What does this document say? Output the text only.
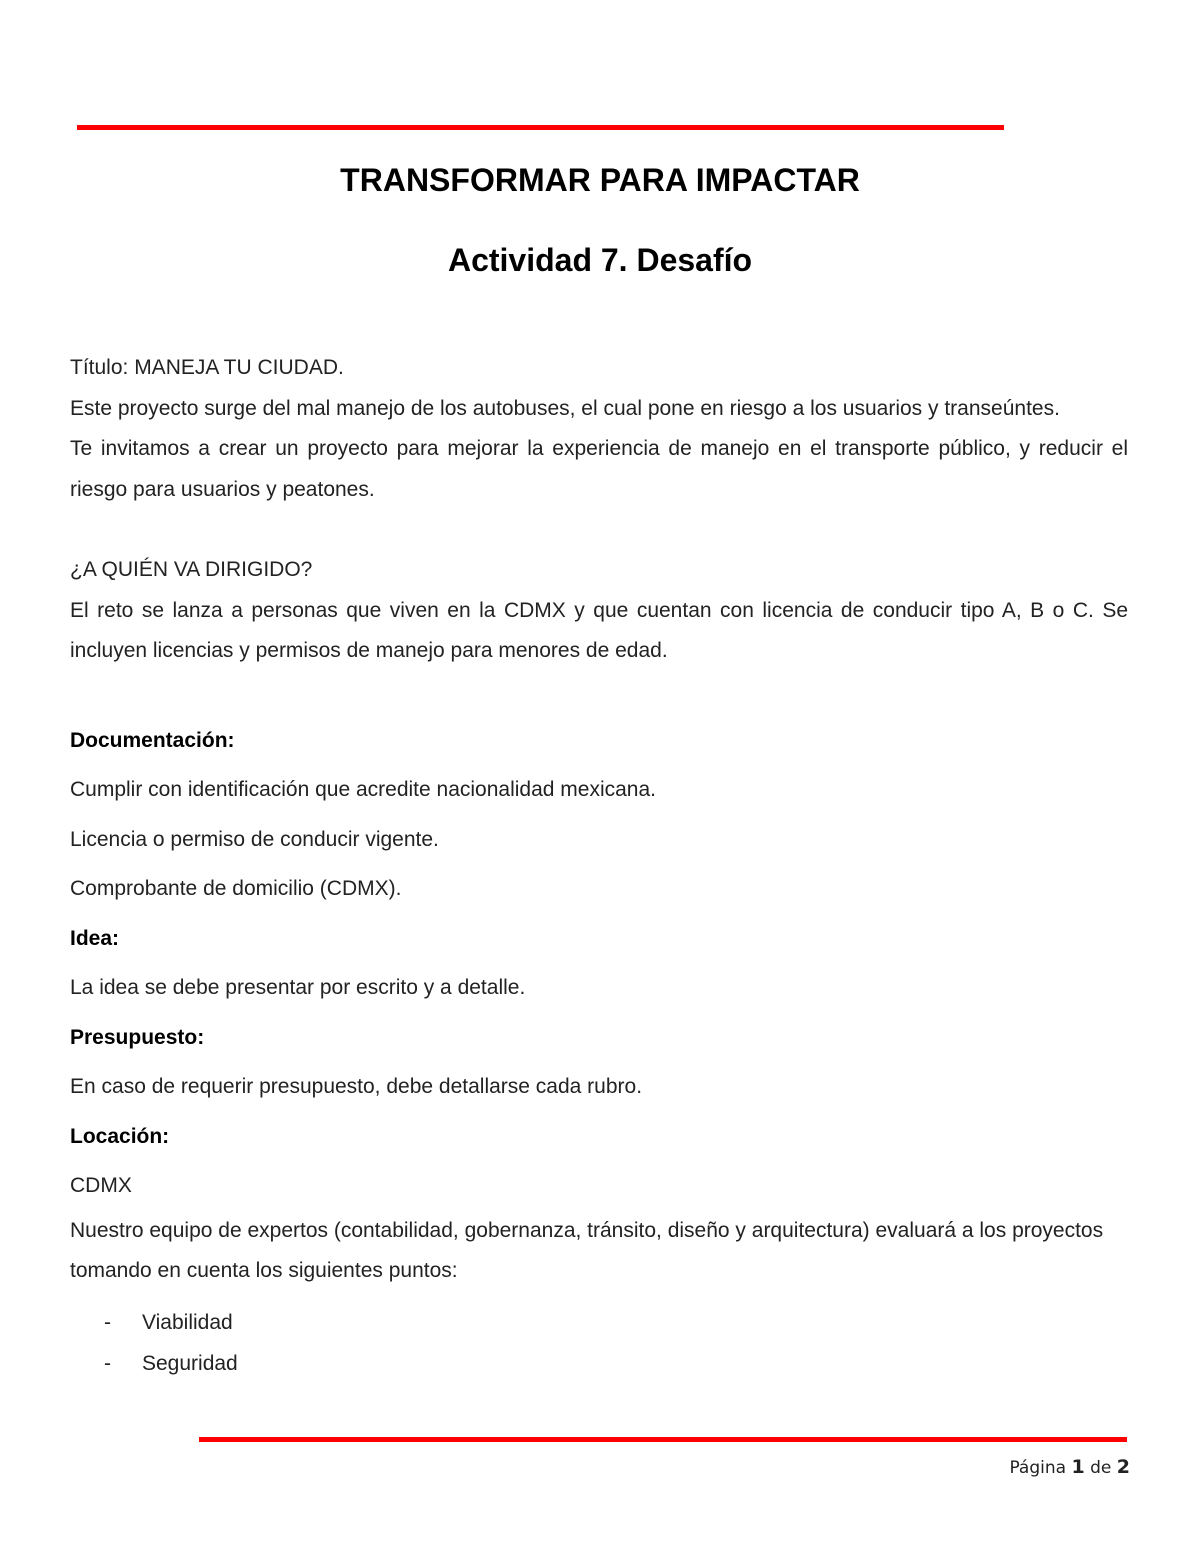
TRANSFORMAR PARA IMPACTAR
Actividad 7. Desafío

Título: MANEJA TU CIUDAD.

Este proyecto surge del mal manejo de los autobuses, el cual pone en riesgo a los usuarios y transeúntes.

Te invitamos a crear un proyecto para mejorar la experiencia de manejo en el transporte público, y reducir el riesgo para usuarios y peatones.

¿A QUIÉN VA DIRIGIDO?

El reto se lanza a personas que viven en la CDMX y que cuentan con licencia de conducir tipo A, B o C. Se incluyen licencias y permisos de manejo para menores de edad.

Documentación:

Cumplir con identificación que acredite nacionalidad mexicana.

Licencia o permiso de conducir vigente.

Comprobante de domicilio (CDMX).

Idea:

La idea se debe presentar por escrito y a detalle.

Presupuesto:

En caso de requerir presupuesto, debe detallarse cada rubro.

Locación:

CDMX

Nuestro equipo de expertos (contabilidad, gobernanza, tránsito, diseño y arquitectura) evaluará a los proyectos tomando en cuenta los siguientes puntos:

-	Viabilidad
-	Seguridad
Página 1 de 2
